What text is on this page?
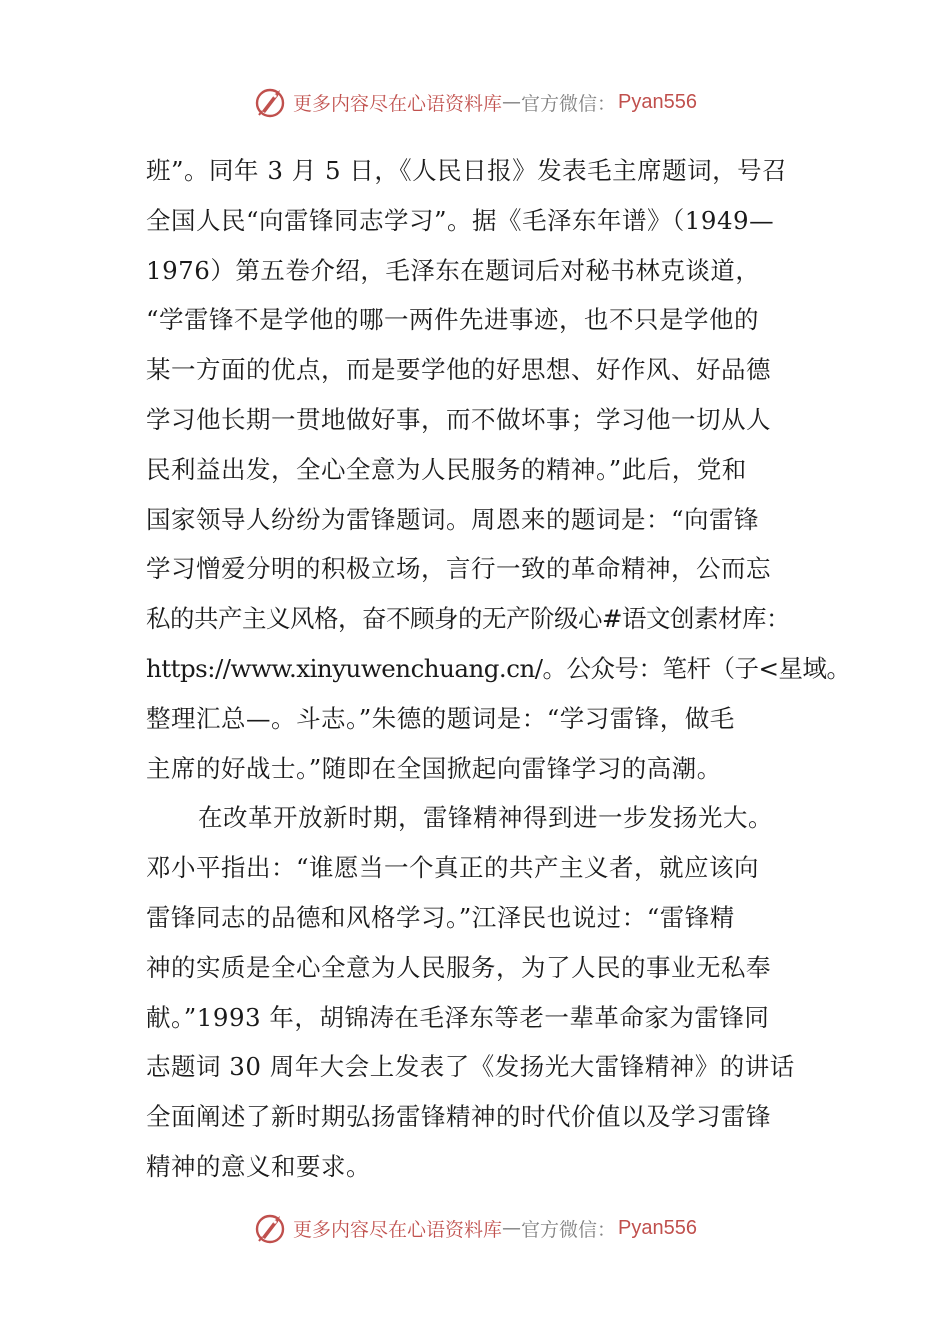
更多内容尽在心语资料库 — 官方微信： Pyan556
班”。同年 3 月 5 日，《人民日报》发表毛主席题词，号召
全国人民“向雷锋同志学习”。据《毛泽东年谱》（1949—
1976）第五卷介绍，毛泽东在题词后对秘书林克谈道，
“学雷锋不是学他的哪一两件先进事迹，也不只是学他的
某一方面的优点，而是要学他的好思想、好作风、好品德
学习他长期一贯地做好事，而不做坏事；学习他一切从人
民利益出发，全心全意为人民服务的精神。”此后，党和
国家领导人纷纷为雷锋题词。周恩来的题词是：“向雷锋
学习憎爱分明的积极立场，言行一致的革命精神，公而忘
私的共产主义风格，奋不顾身的无产阶级心#语文创素材库：
https://www.xinyuwenchuang.cn/。公众号：笔杆（子<星域。
整理汇总—。斗志。”朱德的题词是：“学习雷锋，做毛
主席的好战士。”随即在全国掀起向雷锋学习的高潮。
在改革开放新时期，雷锋精神得到进一步发扬光大。
邓小平指出：“谁愿当一个真正的共产主义者，就应该向
雷锋同志的品德和风格学习。”江泽民也说过：“雷锋精
神的实质是全心全意为人民服务，为了人民的事业无私奉
献。”1993 年，胡锦涛在毛泽东等老一辈革命家为雷锋同
志题词 30 周年大会上发表了《发扬光大雷锋精神》的讲话
全面阐述了新时期弘扬雷锋精神的时代价值以及学习雷锋
精神的意义和要求。
更多内容尽在心语资料库 — 官方微信： Pyan556
